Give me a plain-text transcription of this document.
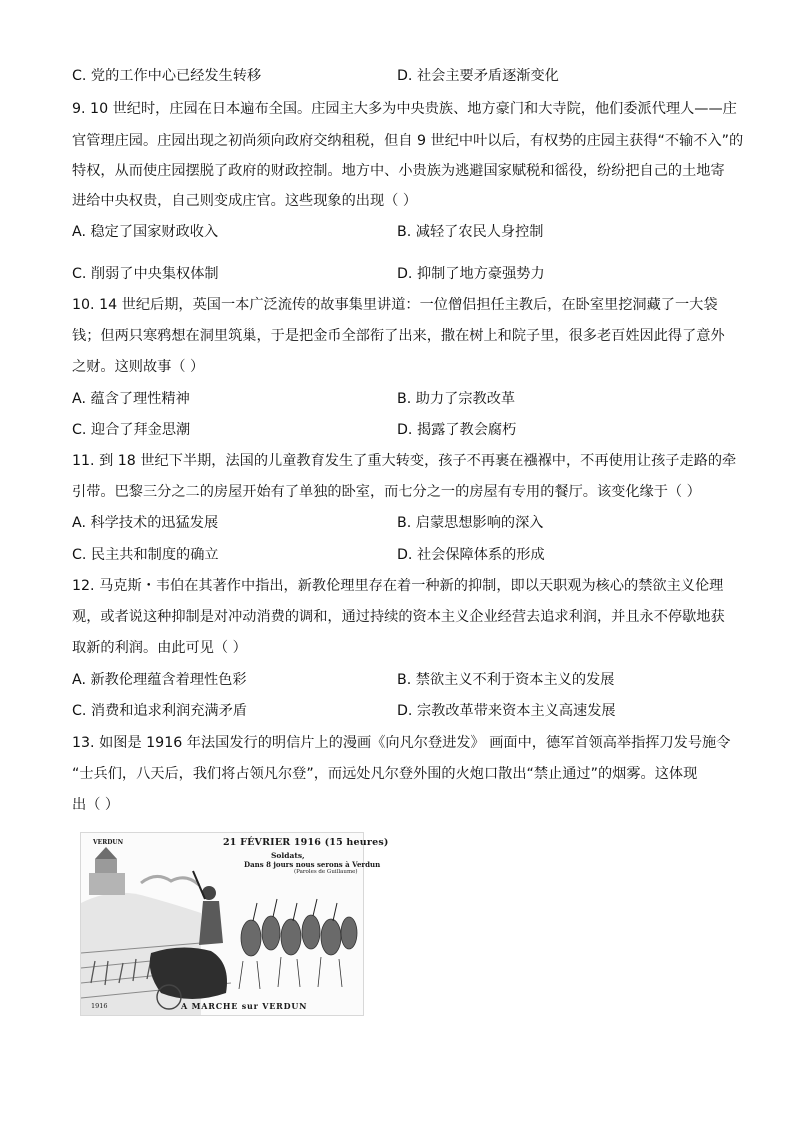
C. 党的工作中心已经发生转移	D. 社会主要矛盾逐渐变化
9. 10 世纪时，庄园在日本遍布全国。庄园主大多为中央贵族、地方豪门和大寺院，他们委派代理人——庄
官管理庄园。庄园出现之初尚须向政府交纳租税，但自 9 世纪中叶以后，有权势的庄园主获得“不输不入”的
特权，从而使庄园摆脱了政府的财政控制。地方中、小贵族为逃避国家赋税和徭役，纷纷把自己的土地寄
进给中央权贵，自己则变成庄官。这些现象的出现（ ）
A. 稳定了国家财政收入	B. 减轻了农民人身控制
C. 削弱了中央集权体制	D. 抑制了地方豪强势力
10. 14 世纪后期，英国一本广泛流传的故事集里讲道：一位僧侣担任主教后，在卧室里挖洞藏了一大袋
钱；但两只寒鸦想在洞里筑巢，于是把金币全部衔了出来，撒在树上和院子里，很多老百姓因此得了意外
之财。这则故事（ ）
A. 蕴含了理性精神	B. 助力了宗教改革
C. 迎合了拜金思潮	D. 揭露了教会腐朽
11. 到 18 世纪下半期，法国的儿童教育发生了重大转变，孩子不再裹在襁褓中，不再使用让孩子走路的牵
引带。巴黎三分之二的房屋开始有了单独的卧室，而七分之一的房屋有专用的餐厅。该变化缘于（ ）
A. 科学技术的迅猛发展	B. 启蒙思想影响的深入
C. 民主共和制度的确立	D. 社会保障体系的形成
12. 马克斯・韦伯在其著作中指出，新教伦理里存在着一种新的抑制，即以天职观为核心的禁欲主义伦理
观，或者说这种抑制是对冲动消费的调和，通过持续的资本主义企业经营去追求利润，并且永不停歇地获
取新的利润。由此可见（ ）
A. 新教伦理蕴含着理性色彩	B. 禁欲主义不利于资本主义的发展
C. 消费和追求利润充满矛盾	D. 宗教改革带来资本主义高速发展
13. 如图是 1916 年法国发行的明信片上的漫画《向凡尔登进发》 画面中，德军首领高举指挥刀发号施令
“士兵们，八天后，我们将占领凡尔登”，而远处凡尔登外围的火炮口散出“禁止通过”的烟雾。这体现
出（ ）
VERDUN	21 FÉVRIER 1916 (15 heures)
Soldats,
Dans 8 jours nous serons à Verdun
(Paroles de Guillaume)
1916	A MARCHE sur VERDUN
